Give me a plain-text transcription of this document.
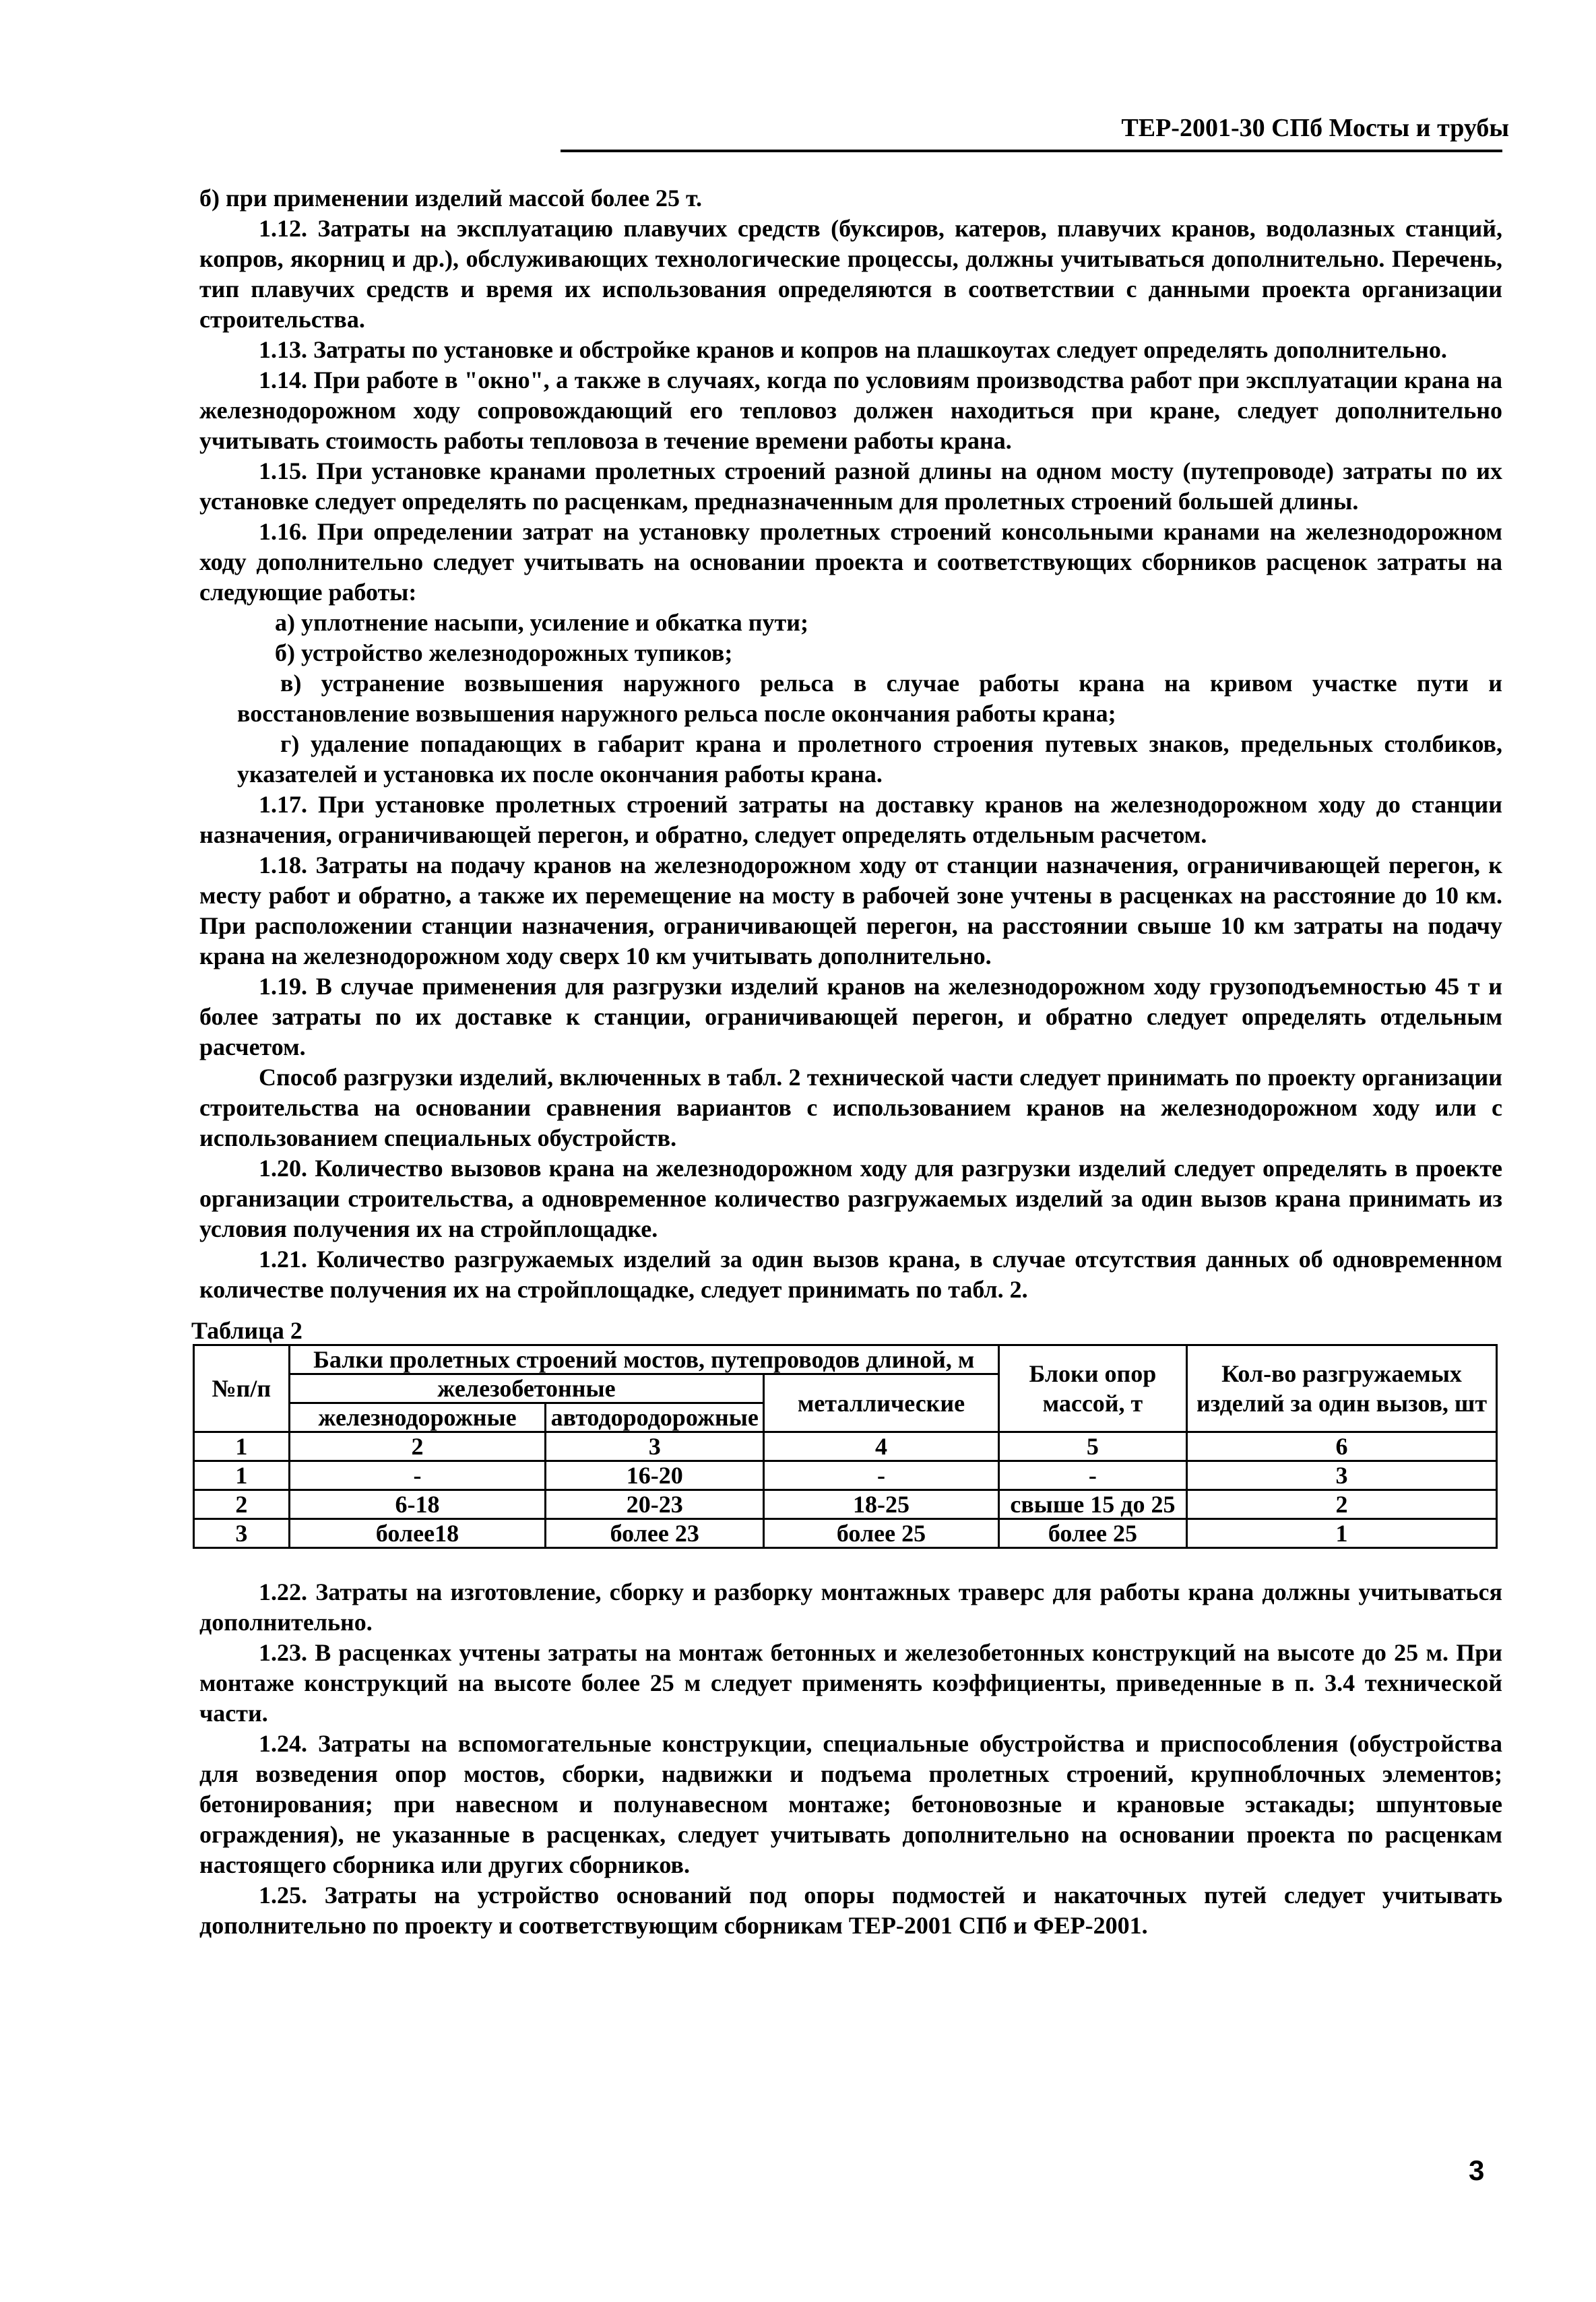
ТЕР-2001-30 СПб Мосты и трубы

б) при применении изделий массой более 25 т.

1.12. Затраты на эксплуатацию плавучих средств (буксиров, катеров, плавучих кранов, водолазных станций, копров, якорниц и др.), обслуживающих технологические процессы, должны учитываться дополнительно. Перечень, тип плавучих средств и время их использования определяются в соответствии с данными проекта организации строительства.

1.13. Затраты по установке и обстройке кранов и копров на плашкоутах следует определять дополнительно.

1.14. При работе в "окно", а также в случаях, когда по условиям производства работ при эксплуатации крана на железнодорожном ходу сопровождающий его тепловоз должен находиться при кране, следует дополнительно учитывать стоимость работы тепловоза в течение времени работы крана.

1.15. При установке кранами пролетных строений разной длины на одном мосту (путепроводе) затраты по их установке следует определять по расценкам, предназначенным для пролетных строений большей длины.

1.16. При определении затрат на установку пролетных строений консольными кранами на железнодорожном ходу дополнительно следует учитывать на основании проекта и соответствующих сборников расценок затраты на следующие работы:

а) уплотнение насыпи, усиление и обкатка пути;

б) устройство железнодорожных тупиков;

в) устранение возвышения наружного рельса в случае работы крана на кривом участке пути и восстановление возвышения наружного рельса после окончания работы крана;

г) удаление попадающих в габарит крана и пролетного строения путевых знаков, предельных столбиков, указателей и установка их после окончания работы крана.

1.17. При установке пролетных строений затраты на доставку кранов на железнодорожном ходу до станции назначения, ограничивающей перегон, и обратно, следует определять отдельным расчетом.

1.18. Затраты на подачу кранов на железнодорожном ходу от станции назначения, ограничивающей перегон, к месту работ и обратно, а также их перемещение на мосту в рабочей зоне учтены в расценках на расстояние до 10 км. При расположении станции назначения, ограничивающей перегон, на расстоянии свыше 10 км затраты на подачу крана на железнодорожном ходу сверх 10 км учитывать дополнительно.

1.19. В случае применения для разгрузки изделий кранов на железнодорожном ходу грузоподъемностью 45 т и более затраты по их доставке к станции, ограничивающей перегон, и обратно следует определять отдельным расчетом.

Способ разгрузки изделий, включенных в табл. 2 технической части следует принимать по проекту организации строительства на основании сравнения вариантов с использованием кранов на железнодорожном ходу или с использованием специальных обустройств.

1.20. Количество вызовов крана на железнодорожном ходу для разгрузки изделий следует определять в проекте организации строительства, а одновременное количество разгружаемых изделий за один вызов крана принимать из условия получения их на стройплощадке.

1.21. Количество разгружаемых изделий за один вызов крана, в случае отсутствия данных об одновременном количестве получения их на стройплощадке, следует принимать по табл. 2.

Таблица 2
№п/п	Балки пролетных строений мостов, путепроводов длиной, м			Блоки опор массой, т	Кол-во разгружаемых изделий за один вызов, шт
	железобетонные		металлические		
	железнодорожные	автодородорожные			
1	2	3	4	5	6
1	-	16-20	-	-	3
2	6-18	20-23	18-25	свыше 15 до 25	2
3	более18	более 23	более 25	более 25	1

1.22. Затраты на изготовление, сборку и разборку монтажных траверс для работы крана должны учитываться дополнительно.

1.23. В расценках учтены затраты на монтаж бетонных и железобетонных конструкций на высоте до 25 м. При монтаже конструкций на высоте более 25 м следует применять коэффициенты, приведенные в п. 3.4 технической части.

1.24. Затраты на вспомогательные конструкции, специальные обустройства и приспособления (обустройства для возведения опор мостов, сборки, надвижки и подъема пролетных строений, крупноблочных элементов; бетонирования; при навесном и полунавесном монтаже; бетоновозные и крановые эстакады; шпунтовые ограждения), не указанные в расценках, следует учитывать дополнительно на основании проекта по расценкам настоящего сборника или других сборников.

1.25. Затраты на устройство оснований под опоры подмостей и накаточных путей следует учитывать дополнительно по проекту и соответствующим сборникам ТЕР-2001 СПб и ФЕР-2001.

3
